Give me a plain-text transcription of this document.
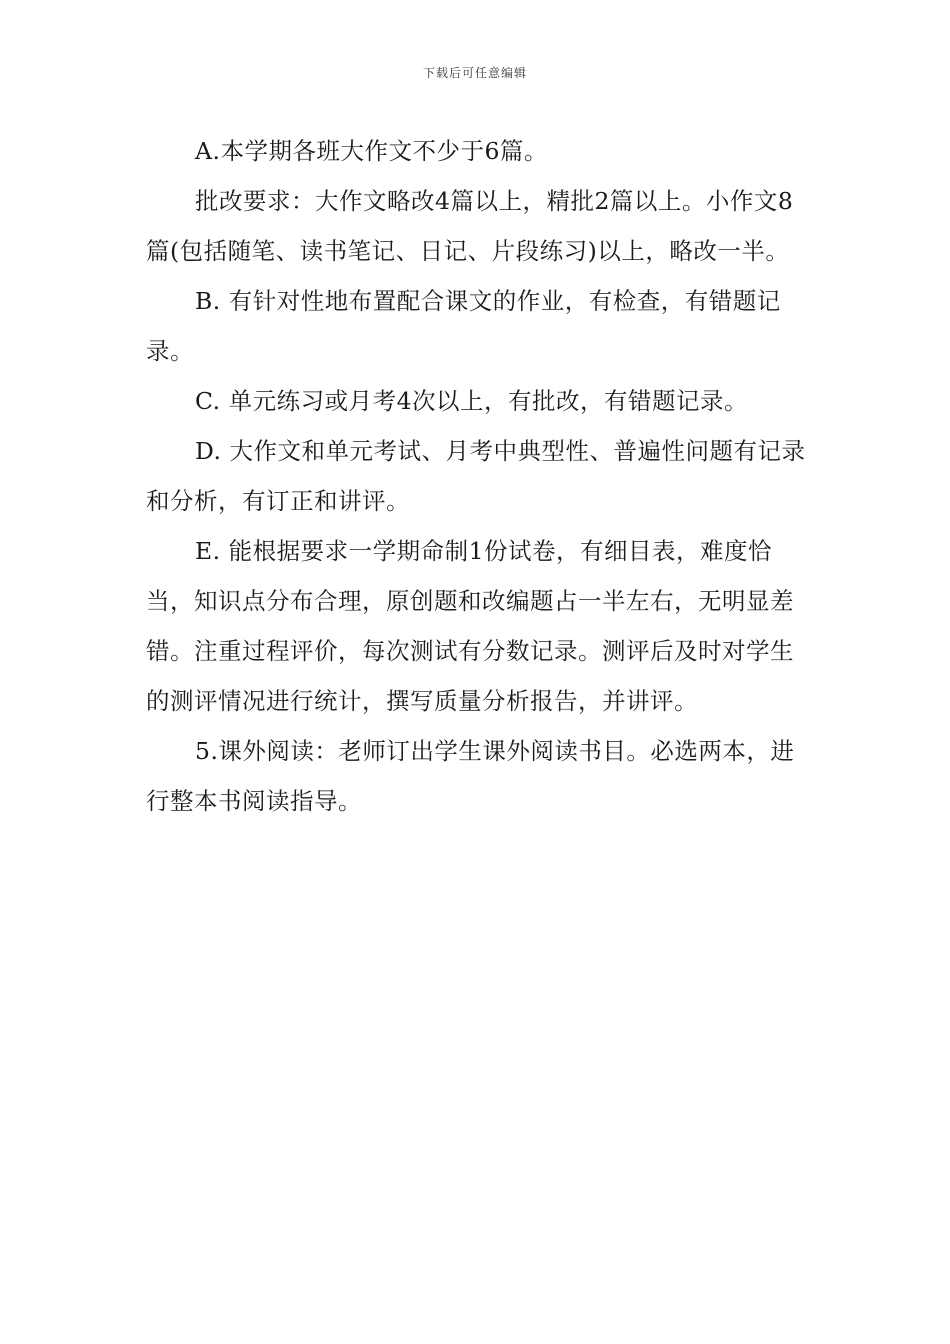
下载后可任意编辑

A.本学期各班大作文不少于6篇。

批改要求：大作文略改4篇以上，精批2篇以上。小作文8篇(包括随笔、读书笔记、日记、片段练习)以上，略改一半。

B. 有针对性地布置配合课文的作业，有检查，有错题记录。

C. 单元练习或月考4次以上，有批改，有错题记录。

D. 大作文和单元考试、月考中典型性、普遍性问题有记录和分析，有订正和讲评。

E. 能根据要求一学期命制1份试卷，有细目表，难度恰当，知识点分布合理，原创题和改编题占一半左右，无明显差错。注重过程评价，每次测试有分数记录。测评后及时对学生的测评情况进行统计，撰写质量分析报告，并讲评。

5.课外阅读：老师订出学生课外阅读书目。必选两本，进行整本书阅读指导。
